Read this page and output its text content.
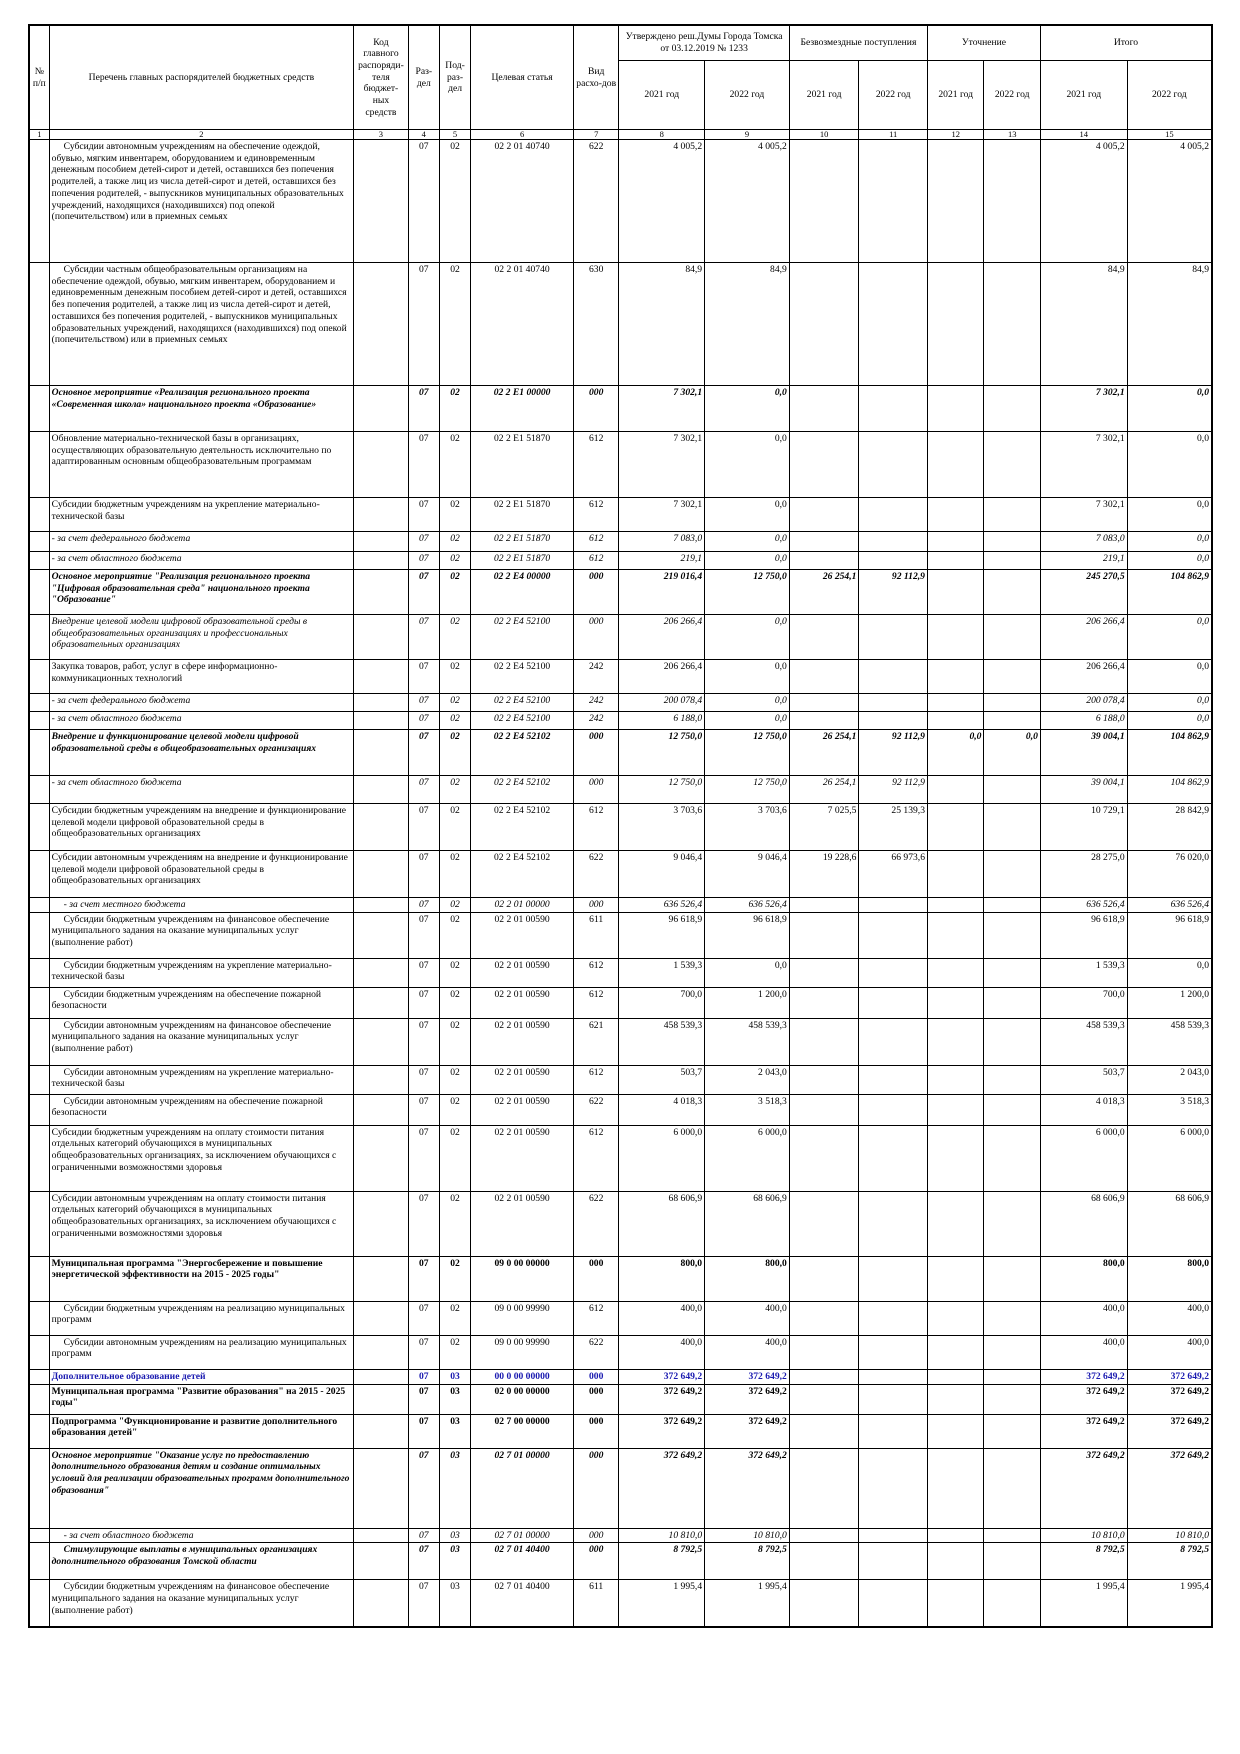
№ п/п	Перечень главных распорядителей бюджетных средств	Код главного распоряди-теля бюджет-ных средств	Раз-дел	Под-раз-дел	Целевая статья	Вид расхо-дов	Утверждено реш.Думы Города Томска от 03.12.2019 № 1233		Безвозмездные поступления		Уточнение		Итого	
							2021 год	2022 год	2021 год	2022 год	2021 год	2022 год	2021 год	2022 год
1	2	3	4	5	6	7	8	9	10	11	12	13	14	15
	Субсидии автономным учреждениям на обеспечение одеждой, обувью, мягким инвентарем, оборудованием и единовременным денежным пособием детей-сирот и детей, оставшихся без попечения родителей, а также лиц из числа детей-сирот и детей, оставшихся без попечения родителей, - выпускников муниципальных образовательных учреждений, находящихся (находившихся) под опекой (попечительством) или в приемных семьях		07	02	02 2 01 40740	622	4 005,2	4 005,2					4 005,2	4 005,2
	Субсидии частным общеобразовательным организациям на обеспечение одеждой, обувью, мягким инвентарем, оборудованием и единовременным денежным пособием детей-сирот и детей, оставшихся без попечения родителей, а также лиц из числа детей-сирот и детей, оставшихся без попечения родителей, - выпускников муниципальных образовательных учреждений, находящихся (находившихся) под опекой (попечительством) или в приемных семьях		07	02	02 2 01 40740	630	84,9	84,9					84,9	84,9
	Основное мероприятие «Реализация регионального проекта «Современная школа» национального проекта «Образование»		07	02	02 2 E1 00000	000	7 302,1	0,0					7 302,1	0,0
	Обновление материально-технической базы в организациях, осуществляющих образовательную деятельность исключительно по адаптированным основным общеобразовательным программам		07	02	02 2 E1 51870	612	7 302,1	0,0					7 302,1	0,0
	Субсидии бюджетным учреждениям на укрепление материально-технической базы		07	02	02 2 E1 51870	612	7 302,1	0,0					7 302,1	0,0
	- за счет федерального бюджета		07	02	02 2 E1 51870	612	7 083,0	0,0					7 083,0	0,0
	- за счет областного бюджета		07	02	02 2 E1 51870	612	219,1	0,0					219,1	0,0
	Основное мероприятие "Реализация регионального проекта "Цифровая образовательная среда" национального проекта "Образование"		07	02	02 2 E4 00000	000	219 016,4	12 750,0	26 254,1	92 112,9			245 270,5	104 862,9
	Внедрение целевой модели цифровой образовательной среды в общеобразовательных организациях и профессиональных образовательных организациях		07	02	02 2 E4 52100	000	206 266,4	0,0					206 266,4	0,0
	Закупка товаров, работ, услуг в сфере информационно-коммуникационных технологий		07	02	02 2 E4 52100	242	206 266,4	0,0					206 266,4	0,0
	- за счет федерального бюджета		07	02	02 2 E4 52100	242	200 078,4	0,0					200 078,4	0,0
	- за счет областного бюджета		07	02	02 2 E4 52100	242	6 188,0	0,0					6 188,0	0,0
	Внедрение и функционирование целевой модели цифровой образовательной среды в общеобразовательных организациях		07	02	02 2 E4 52102	000	12 750,0	12 750,0	26 254,1	92 112,9	0,0	0,0	39 004,1	104 862,9
	- за счет областного бюджета		07	02	02 2 E4 52102	000	12 750,0	12 750,0	26 254,1	92 112,9			39 004,1	104 862,9
	Субсидии бюджетным учреждениям на внедрение и функционирование целевой модели цифровой образовательной среды в общеобразовательных организациях		07	02	02 2 E4 52102	612	3 703,6	3 703,6	7 025,5	25 139,3			10 729,1	28 842,9
	Субсидии автономным учреждениям на внедрение и функционирование целевой модели цифровой образовательной среды в общеобразовательных организациях		07	02	02 2 E4 52102	622	9 046,4	9 046,4	19 228,6	66 973,6			28 275,0	76 020,0
	- за счет местного бюджета		07	02	02 2 01 00000	000	636 526,4	636 526,4					636 526,4	636 526,4
	Субсидии бюджетным учреждениям на финансовое обеспечение муниципального задания на оказание муниципальных услуг (выполнение работ)		07	02	02 2 01 00590	611	96 618,9	96 618,9					96 618,9	96 618,9
	Субсидии бюджетным учреждениям на укрепление материально-технической базы		07	02	02 2 01 00590	612	1 539,3	0,0					1 539,3	0,0
	Субсидии бюджетным учреждениям на обеспечение пожарной безопасности		07	02	02 2 01 00590	612	700,0	1 200,0					700,0	1 200,0
	Субсидии автономным учреждениям на финансовое обеспечение муниципального задания на оказание муниципальных услуг (выполнение работ)		07	02	02 2 01 00590	621	458 539,3	458 539,3					458 539,3	458 539,3
	Субсидии автономным учреждениям на укрепление материально-технической базы		07	02	02 2 01 00590	612	503,7	2 043,0					503,7	2 043,0
	Субсидии автономным учреждениям на обеспечение пожарной безопасности		07	02	02 2 01 00590	622	4 018,3	3 518,3					4 018,3	3 518,3
	Субсидии бюджетным учреждениям на оплату стоимости питания отдельных категорий обучающихся в муниципальных общеобразовательных организациях, за исключением обучающихся с ограниченными возможностями здоровья		07	02	02 2 01 00590	612	6 000,0	6 000,0					6 000,0	6 000,0
	Субсидии автономным учреждениям на оплату стоимости питания отдельных категорий обучающихся в муниципальных общеобразовательных организациях, за исключением обучающихся с ограниченными возможностями здоровья		07	02	02 2 01 00590	622	68 606,9	68 606,9					68 606,9	68 606,9
	Муниципальная программа "Энергосбережение и повышение энергетической эффективности на 2015 - 2025 годы"		07	02	09 0 00 00000	000	800,0	800,0					800,0	800,0
	Субсидии бюджетным учреждениям на реализацию муниципальных программ		07	02	09 0 00 99990	612	400,0	400,0					400,0	400,0
	Субсидии автономным учреждениям на реализацию муниципальных программ		07	02	09 0 00 99990	622	400,0	400,0					400,0	400,0
	Дополнительное образование детей		07	03	00 0 00 00000	000	372 649,2	372 649,2					372 649,2	372 649,2
	Муниципальная программа "Развитие образования" на 2015 - 2025 годы"		07	03	02 0 00 00000	000	372 649,2	372 649,2					372 649,2	372 649,2
	Подпрограмма "Функционирование и развитие дополнительного образования детей"		07	03	02 7 00 00000	000	372 649,2	372 649,2					372 649,2	372 649,2
	Основное мероприятие "Оказание услуг по предоставлению дополнительного образования детям и создание оптимальных условий для реализации образовательных программ дополнительного образования"		07	03	02 7 01 00000	000	372 649,2	372 649,2					372 649,2	372 649,2
	- за счет областного бюджета		07	03	02 7 01 00000	000	10 810,0	10 810,0					10 810,0	10 810,0
	Стимулирующие выплаты в муниципальных организациях дополнительного образования Томской области		07	03	02 7 01 40400	000	8 792,5	8 792,5					8 792,5	8 792,5
	Субсидии бюджетным учреждениям на финансовое обеспечение муниципального задания на оказание муниципальных услуг (выполнение работ)		07	03	02 7 01 40400	611	1 995,4	1 995,4					1 995,4	1 995,4
